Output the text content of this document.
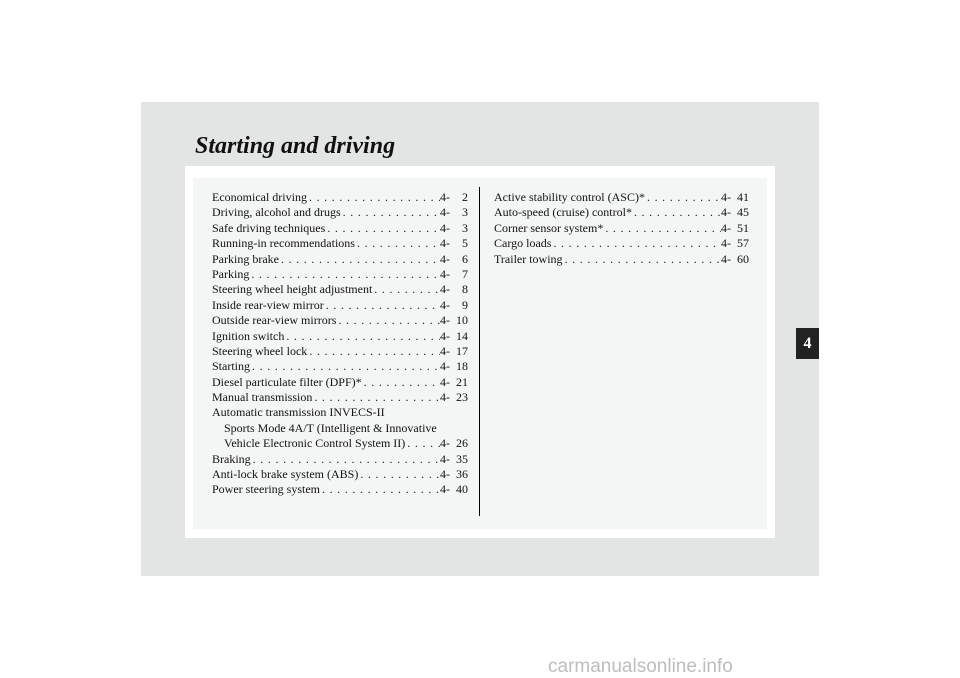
Starting and driving
Economical driving . . .	4-	2
Driving, alcohol and drugs . . .	4-	3
Safe driving techniques . . .	4-	3
Running-in recommendations . . .	4-	5
Parking brake . . .	4-	6
Parking . . .	4-	7
Steering wheel height adjustment . . .	4-	8
Inside rear-view mirror . . .	4-	9
Outside rear-view mirrors . . .	4- 10
Ignition switch . . .	4- 14
Steering wheel lock . . .	4- 17
Starting . . .	4- 18
Diesel particulate filter (DPF)* . . .	4- 21
Manual transmission . . .	4- 23
Automatic transmission INVECS-II
Sports Mode 4A/T (Intelligent & Innovative
Vehicle Electronic Control System II) . . .	4- 26
Braking . . .	4- 35
Anti-lock brake system (ABS) . . .	4- 36
Power steering system . . .	4- 40
Active stability control (ASC)* . . .	4- 41
Auto-speed (cruise) control* . . .	4- 45
Corner sensor system* . . .	4- 51
Cargo loads . . .	4- 57
Trailer towing . . .	4- 60
4
carmanualsonline.info
